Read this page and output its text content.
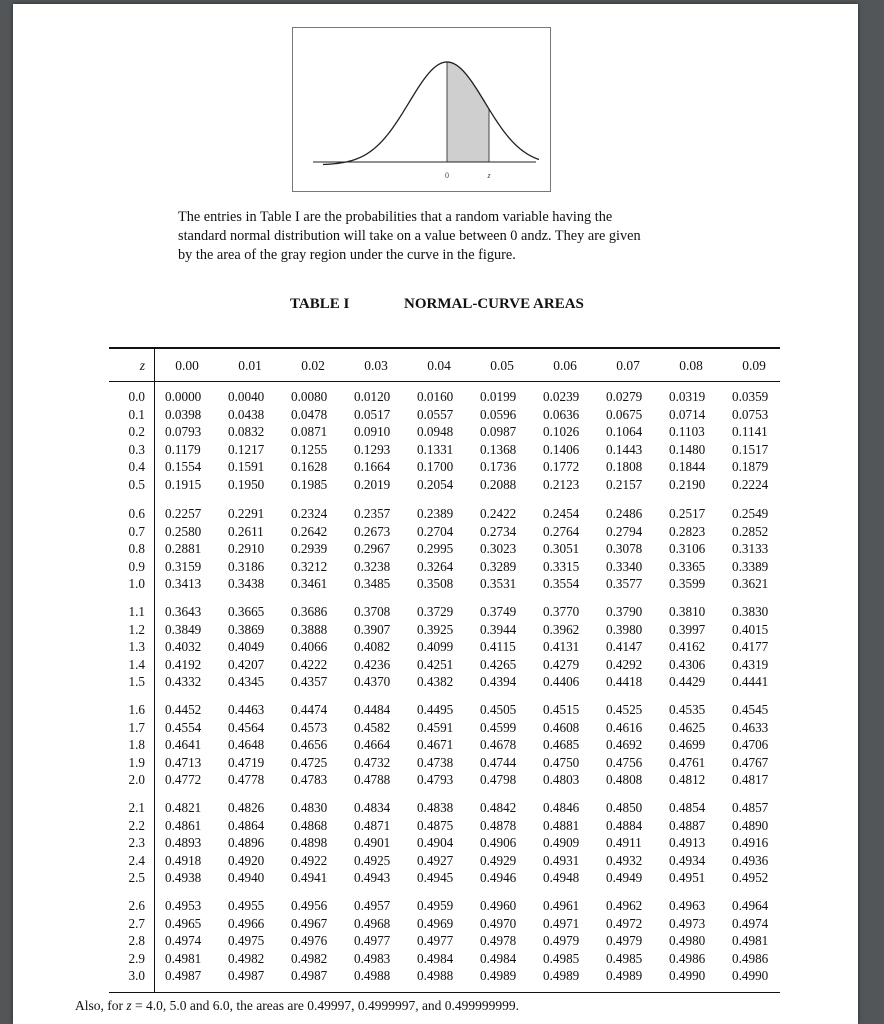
0	z
The entries in Table I are the probabilities that a random variable having the
standard normal distribution will take on a value between 0 andz. They are given
by the area of the gray region under the curve in the figure.
TABLE I	NORMAL-CURVE AREAS
z	0.00	0.01	0.02	0.03	0.04	0.05	0.06	0.07	0.08	0.09
0.0 0.0000	0.0040	0.0080	0.0120	0.0160	0.0199	0.0239	0.0279	0.0319	0.0359
0.1 0.0398	0.0438	0.0478	0.0517	0.0557	0.0596	0.0636	0.0675	0.0714	0.0753
0.2 0.0793	0.0832	0.0871	0.0910	0.0948	0.0987	0.1026	0.1064	0.1103	0.1141
0.3 0.1179	0.1217	0.1255	0.1293	0.1331	0.1368	0.1406	0.1443	0.1480	0.1517
0.4 0.1554	0.1591	0.1628	0.1664	0.1700	0.1736	0.1772	0.1808	0.1844	0.1879
0.5 0.1915	0.1950	0.1985	0.2019	0.2054	0.2088	0.2123	0.2157	0.2190	0.2224
0.6 0.2257	0.2291	0.2324	0.2357	0.2389	0.2422	0.2454	0.2486	0.2517	0.2549
0.7 0.2580	0.2611	0.2642	0.2673	0.2704	0.2734	0.2764	0.2794	0.2823	0.2852
0.8 0.2881	0.2910	0.2939	0.2967	0.2995	0.3023	0.3051	0.3078	0.3106	0.3133
0.9 0.3159	0.3186	0.3212	0.3238	0.3264	0.3289	0.3315	0.3340	0.3365	0.3389
1.0 0.3413	0.3438	0.3461	0.3485	0.3508	0.3531	0.3554	0.3577	0.3599	0.3621
1.1 0.3643	0.3665	0.3686	0.3708	0.3729	0.3749	0.3770	0.3790	0.3810	0.3830
1.2 0.3849	0.3869	0.3888	0.3907	0.3925	0.3944	0.3962	0.3980	0.3997	0.4015
1.3 0.4032	0.4049	0.4066	0.4082	0.4099	0.4115	0.4131	0.4147	0.4162	0.4177
1.4 0.4192	0.4207	0.4222	0.4236	0.4251	0.4265	0.4279	0.4292	0.4306	0.4319
1.5 0.4332	0.4345	0.4357	0.4370	0.4382	0.4394	0.4406	0.4418	0.4429	0.4441
1.6 0.4452	0.4463	0.4474	0.4484	0.4495	0.4505	0.4515	0.4525	0.4535	0.4545
1.7 0.4554	0.4564	0.4573	0.4582	0.4591	0.4599	0.4608	0.4616	0.4625	0.4633
1.8 0.4641	0.4648	0.4656	0.4664	0.4671	0.4678	0.4685	0.4692	0.4699	0.4706
1.9 0.4713	0.4719	0.4725	0.4732	0.4738	0.4744	0.4750	0.4756	0.4761	0.4767
2.0 0.4772	0.4778	0.4783	0.4788	0.4793	0.4798	0.4803	0.4808	0.4812	0.4817
2.1 0.4821	0.4826	0.4830	0.4834	0.4838	0.4842	0.4846	0.4850	0.4854	0.4857
2.2 0.4861	0.4864	0.4868	0.4871	0.4875	0.4878	0.4881	0.4884	0.4887	0.4890
2.3 0.4893	0.4896	0.4898	0.4901	0.4904	0.4906	0.4909	0.4911	0.4913	0.4916
2.4 0.4918	0.4920	0.4922	0.4925	0.4927	0.4929	0.4931	0.4932	0.4934	0.4936
2.5 0.4938	0.4940	0.4941	0.4943	0.4945	0.4946	0.4948	0.4949	0.4951	0.4952
2.6 0.4953	0.4955	0.4956	0.4957	0.4959	0.4960	0.4961	0.4962	0.4963	0.4964
2.7 0.4965	0.4966	0.4967	0.4968	0.4969	0.4970	0.4971	0.4972	0.4973	0.4974
2.8 0.4974	0.4975	0.4976	0.4977	0.4977	0.4978	0.4979	0.4979	0.4980	0.4981
2.9 0.4981	0.4982	0.4982	0.4983	0.4984	0.4984	0.4985	0.4985	0.4986	0.4986
3.0 0.4987	0.4987	0.4987	0.4988	0.4988	0.4989	0.4989	0.4989	0.4990	0.4990
Also, for z = 4.0, 5.0 and 6.0, the areas are 0.49997, 0.4999997, and 0.499999999.
